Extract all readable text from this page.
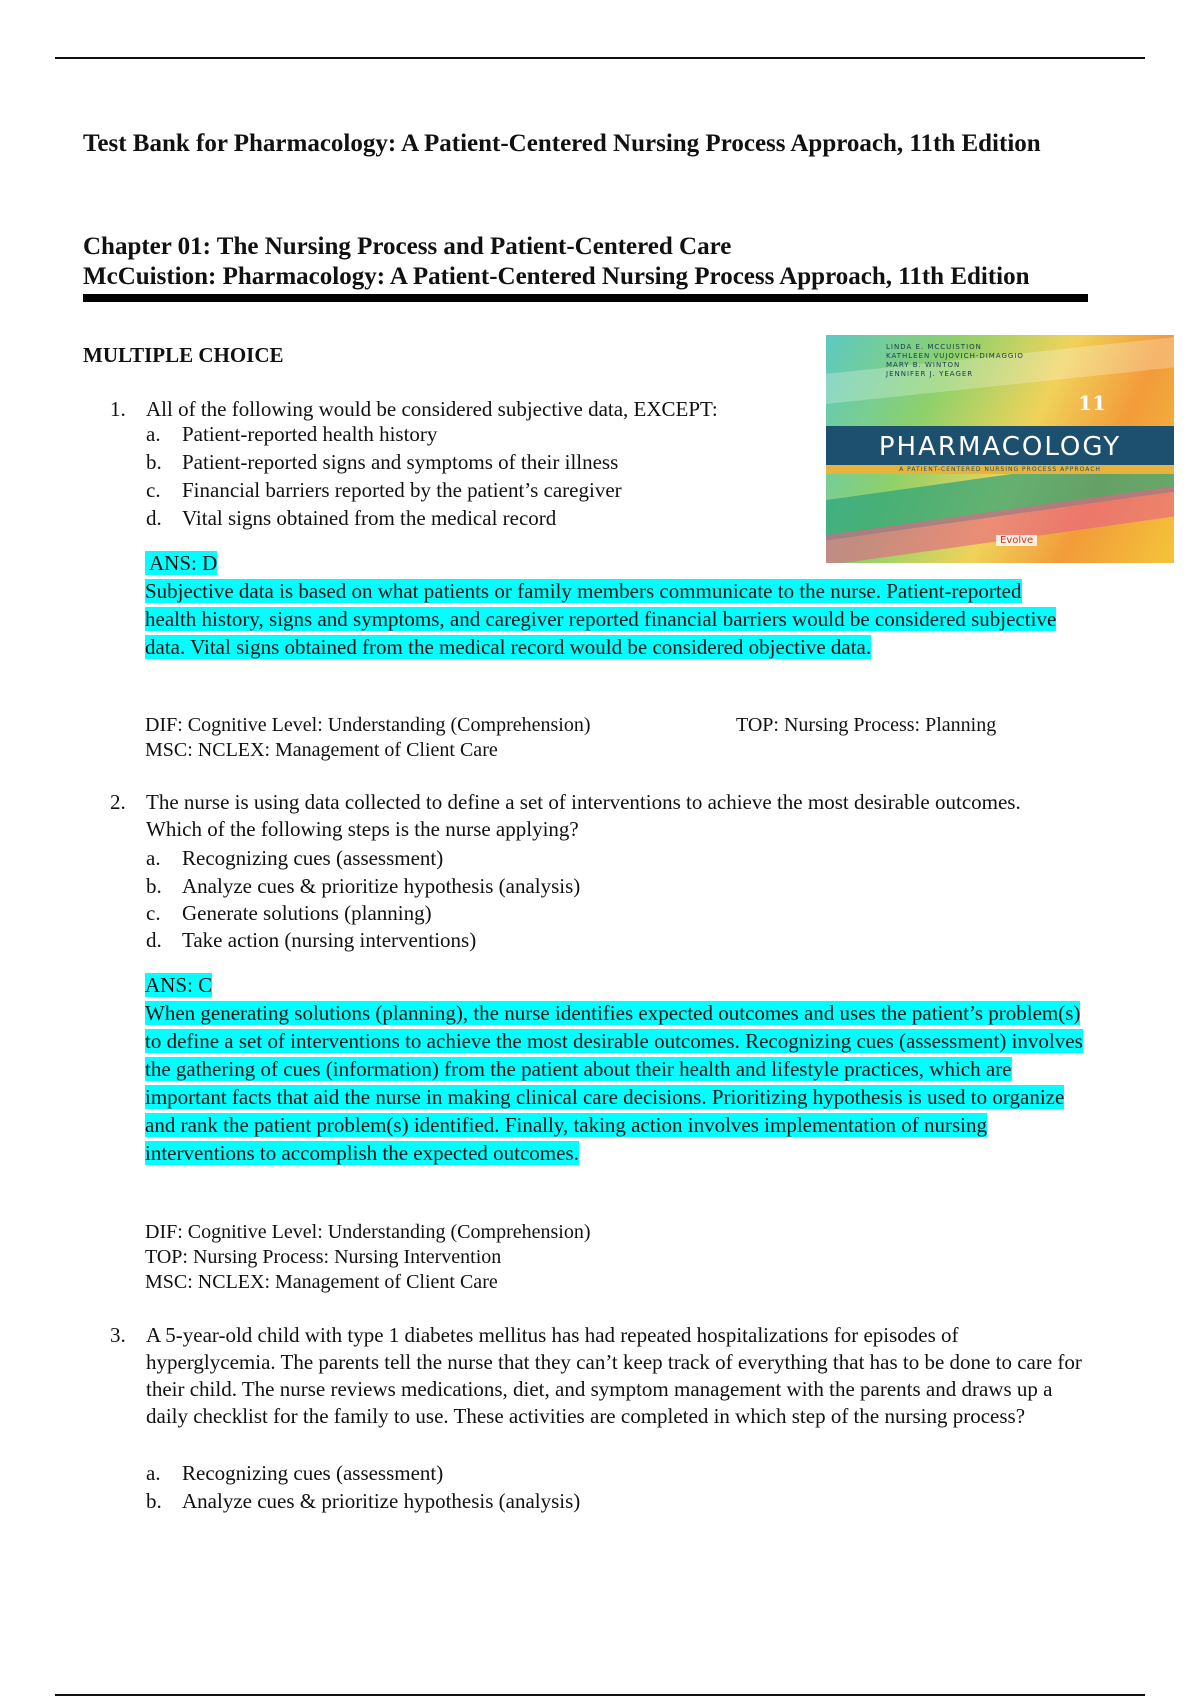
Test Bank for Pharmacology: A Patient-Centered Nursing Process Approach, 11th Edition
Chapter 01: The Nursing Process and Patient-Centered Care
McCuistion: Pharmacology: A Patient-Centered Nursing Process Approach, 11th Edition
MULTIPLE CHOICE	LINDA E. MCCUISTION
KATHLEEN VUJOVICH-DIMAGGIO
MARY B. WINTON
JENNIFER J. YEAGER
11
PHARMACOLOGY
A PATIENT-CENTERED NURSING PROCESS APPROACH
Evolve
1. All of the following would be considered subjective data, EXCEPT:
a. Patient-reported health history
b. Patient-reported signs and symptoms of their illness
c. Financial barriers reported by the patient’s caregiver
d. Vital signs obtained from the medical record
ANS: D
Subjective data is based on what patients or family members communicate to the nurse. Patient-reported health history, signs and symptoms, and caregiver reported financial barriers would be considered subjective data. Vital signs obtained from the medical record would be considered objective data.
DIF: Cognitive Level: Understanding (Comprehension)	TOP: Nursing Process: Planning
MSC: NCLEX: Management of Client Care
2. The nurse is using data collected to define a set of interventions to achieve the most desirable outcomes. Which of the following steps is the nurse applying?
a. Recognizing cues (assessment)
b. Analyze cues & prioritize hypothesis (analysis)
c. Generate solutions (planning)
d. Take action (nursing interventions)
ANS: C
When generating solutions (planning), the nurse identifies expected outcomes and uses the patient’s problem(s) to define a set of interventions to achieve the most desirable outcomes. Recognizing cues (assessment) involves the gathering of cues (information) from the patient about their health and lifestyle practices, which are important facts that aid the nurse in making clinical care decisions. Prioritizing hypothesis is used to organize and rank the patient problem(s) identified. Finally, taking action involves implementation of nursing interventions to accomplish the expected outcomes.
DIF: Cognitive Level: Understanding (Comprehension)
TOP: Nursing Process: Nursing Intervention
MSC: NCLEX: Management of Client Care
3. A 5-year-old child with type 1 diabetes mellitus has had repeated hospitalizations for episodes of hyperglycemia. The parents tell the nurse that they can’t keep track of everything that has to be done to care for their child. The nurse reviews medications, diet, and symptom management with the parents and draws up a daily checklist for the family to use. These activities are completed in which step of the nursing process?
a. Recognizing cues (assessment)
b. Analyze cues & prioritize hypothesis (analysis)
